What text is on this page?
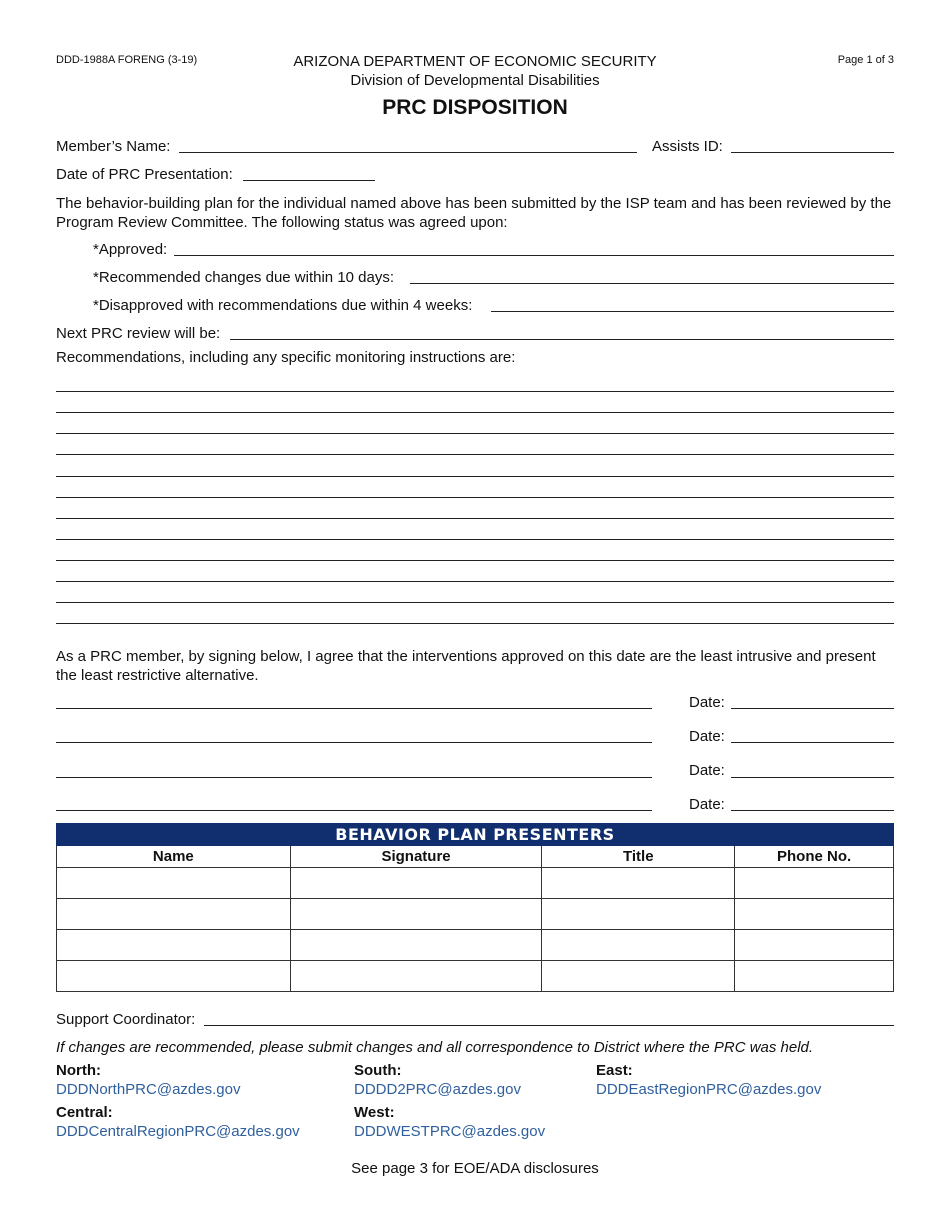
DDD-1988A FORENG (3-19)	ARIZONA DEPARTMENT OF ECONOMIC SECURITY
Division of Developmental Disabilities
Page 1 of 3
PRC DISPOSITION
Member’s Name:	Assists ID:
Date of PRC Presentation:
The behavior-building plan for the individual named above has been submitted by the ISP team and has been reviewed by the Program Review Committee. The following status was agreed upon:
*Approved:
*Recommended changes due within 10 days:
*Disapproved with recommendations due within 4 weeks:
Next PRC review will be:
Recommendations, including any specific monitoring instructions are:
As a PRC member, by signing below, I agree that the interventions approved on this date are the least intrusive and present the least restrictive alternative.
Date:
Date:
Date:
Date:
BEHAVIOR PLAN PRESENTERS			
Name	Signature	Title	Phone No.

Support Coordinator:
If changes are recommended, please submit changes and all correspondence to District where the PRC was held.
North:
DDDNorthPRC@azdes.gov
South:
DDDD2PRC@azdes.gov
East:
DDDEastRegionPRC@azdes.gov
Central:
DDDCentralRegionPRC@azdes.gov
West:
DDDWESTPRC@azdes.gov
See page 3 for EOE/ADA disclosures
